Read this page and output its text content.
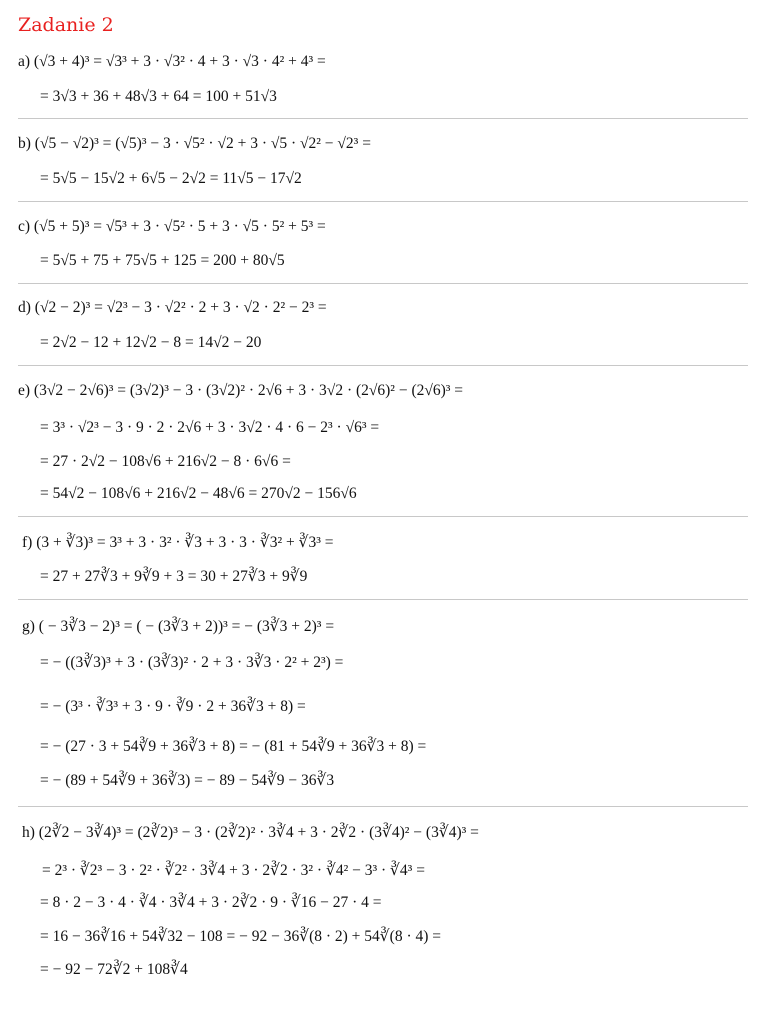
Zadanie 2
a) (√3 + 4)³ = √3³ + 3 · √3² · 4 + 3 · √3 · 4² + 4³ =
= 3√3 + 36 + 48√3 + 64 = 100 + 51√3
b) (√5 − √2)³ = (√5)³ − 3 · √5² · √2 + 3 · √5 · √2² − √2³ =
= 5√5 − 15√2 + 6√5 − 2√2 = 11√5 − 17√2
c) (√5 + 5)³ = √5³ + 3 · √5² · 5 + 3 · √5 · 5² + 5³ =
= 5√5 + 75 + 75√5 + 125 = 200 + 80√5
d) (√2 − 2)³ = √2³ − 3 · √2² · 2 + 3 · √2 · 2² − 2³ =
= 2√2 − 12 + 12√2 − 8 = 14√2 − 20
e) (3√2 − 2√6)³ = (3√2)³ − 3 · (3√2)² · 2√6 + 3 · 3√2 · (2√6)² − (2√6)³ =
= 3³ · √2³ − 3 · 9 · 2 · 2√6 + 3 · 3√2 · 4 · 6 − 2³ · √6³ =
= 27 · 2√2 − 108√6 + 216√2 − 8 · 6√6 =
= 54√2 − 108√6 + 216√2 − 48√6 = 270√2 − 156√6
f) (3 + ∛3)³ = 3³ + 3 · 3² · ∛3 + 3 · 3 · ∛3² + ∛3³ =
= 27 + 27∛3 + 9∛9 + 3 = 30 + 27∛3 + 9∛9
g) ( − 3∛3 − 2)³ = ( − (3∛3 + 2))³ = − (3∛3 + 2)³ =
= − ((3∛3)³ + 3 · (3∛3)² · 2 + 3 · 3∛3 · 2² + 2³) =
= − (3³ · ∛3³ + 3 · 9 · ∛9 · 2 + 36∛3 + 8) =
= − (27 · 3 + 54∛9 + 36∛3 + 8) = − (81 + 54∛9 + 36∛3 + 8) =
= − (89 + 54∛9 + 36∛3) = − 89 − 54∛9 − 36∛3
h) (2∛2 − 3∛4)³ = (2∛2)³ − 3 · (2∛2)² · 3∛4 + 3 · 2∛2 · (3∛4)² − (3∛4)³ =
= 2³ · ∛2³ − 3 · 2² · ∛2² · 3∛4 + 3 · 2∛2 · 3² · ∛4² − 3³ · ∛4³ =
= 8 · 2 − 3 · 4 · ∛4 · 3∛4 + 3 · 2∛2 · 9 · ∛16 − 27 · 4 =
= 16 − 36∛16 + 54∛32 − 108 = − 92 − 36∛(8 · 2) + 54∛(8 · 4) =
= − 92 − 72∛2 + 108∛4
